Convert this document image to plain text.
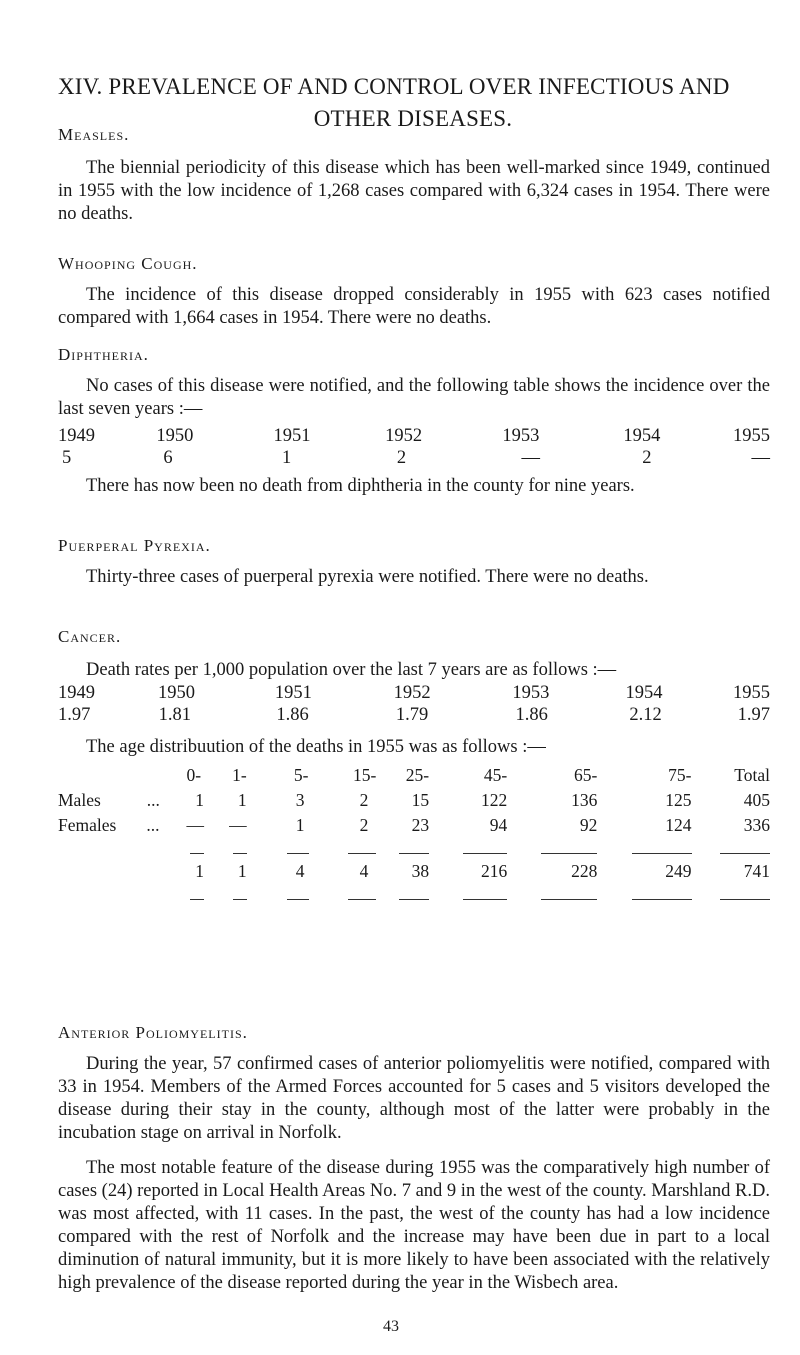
XIV. PREVALENCE OF AND CONTROL OVER INFECTIOUS AND
OTHER DISEASES.
Measles.

The biennial periodicity of this disease which has been well-marked since 1949, continued in 1955 with the low incidence of 1,268 cases compared with 6,324 cases in 1954. There were no deaths.

Whooping Cough.

The incidence of this disease dropped considerably in 1955 with 623 cases notified compared with 1,664 cases in 1954. There were no deaths.

Diphtheria.

No cases of this disease were notified, and the following table shows the incidence over the last seven years :—

1949	1950	1951	1952	1953	1954	1955
5	6	1	2	—	2	—

There has now been no death from diphtheria in the county for nine years.

Puerperal Pyrexia.

Thirty-three cases of puerperal pyrexia were notified. There were no deaths.

Cancer.

Death rates per 1,000 population over the last 7 years are as follows :—

1949	1950	1951	1952	1953	1954	1955
1.97	1.81	1.86	1.79	1.86	2.12	1.97

The age distribuution of the deaths in 1955 was as follows :—

	0-	1-	5-	15-	25-	45-	65-	75-	Total
Males ...	1	1	3	2	15	122	136	125	405
Females ...	—	—	1	2	23	94	92	124	336

	1	1	4	4	38	216	228	249	741

Anterior Poliomyelitis.

During the year, 57 confirmed cases of anterior poliomyelitis were notified, compared with 33 in 1954. Members of the Armed Forces accounted for 5 cases and 5 visitors developed the disease during their stay in the county, although most of the latter were probably in the incubation stage on arrival in Norfolk.

The most notable feature of the disease during 1955 was the comparatively high number of cases (24) reported in Local Health Areas No. 7 and 9 in the west of the county. Marshland R.D. was most affected, with 11 cases. In the past, the west of the county has had a low incidence compared with the rest of Norfolk and the increase may have been due in part to a local diminution of natural immunity, but it is more likely to have been associated with the relatively high prevalence of the disease reported during the year in the Wisbech area.

43
